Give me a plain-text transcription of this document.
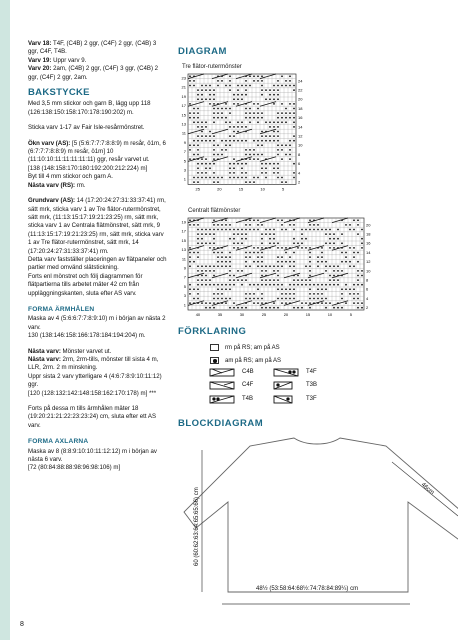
Varv 18: T4F, (C4B) 2 ggr, (C4F) 2 ggr, (C4B) 3 ggr, C4F, T4B.
Varv 19: Uppr varv 9.
Varv 20: 2am, (C4B) 2 ggr, (C4F) 3 ggr, (C4B) 2 ggr, (C4F) 2 ggr, 2am.

BAKSTYCKE

Med 3,5 mm stickor och garn B, lägg upp 118 (126:138:150:158:170:178:190:202) m.

Sticka varv 1-17 av Fair Isle-resårmönstret.

Ökn varv (AS): [5 (5:6:7:7:7:8:8:9) m resår, ö1m, 6 (6:7:7:7:8:8:9) m resår, ö1m] 10 (11:10:10:11:11:11:11:11) ggr, resår varvet ut.
[138 (148:158:170:180:192:200:212:224) m]
Byt till 4 mm stickor och garn A.
Nästa varv (RS): rm.

Grundvarv (AS): 14 (17:20:24:27:31:33:37:41) rm, sätt mrk, sticka varv 1 av Tre flätor-rutermönstret, sätt mrk, (11:13:15:17:19:21:23:25) rm, sätt mrk, sticka varv 1 av Centrala flätmönstret, sätt mrk, 9 (11:13:15:17:19:21:23:25) rm, sätt mrk, sticka varv 1 av Tre flätor-rutermönstret, sätt mrk, 14 (17:20:24:27:31:33:37:41) rm.
Detta varv fastställer placeringen av flätpaneler och partier med omvänd slätstickning.
Forts enl mönstret och följ diagrammen för flätpartierna tills arbetet mäter 42 cm från uppläggningskanten, sluta efter AS varv.

FORMA ÄRMHÅLEN

Maska av 4 (5:6:6:7:7:8:9:10) m i början av nästa 2 varv.
130 (138:146:158:166:178:184:194:204) m.

Nästa varv: Mönster varvet ut.
Nästa varv: 2rm, 2rm-tills, mönster till sista 4 m, LLR, 2rm. 2 m minskning.
Uppr sista 2 varv ytterligare 4 (4:6:7:8:9:10:11:12) ggr.
[120 (128:132:142:148:158:162:170:178) m] ***

Forts på dessa m tills ärmhålen mäter 18 (19:20:21:21:22:23:23:24) cm, sluta efter ett AS varv.

FORMA AXLARNA

Maska av 8 (8:8:9:10:10:11:12:12) m i början av nästa 6 varv.
[72 (80:84:88:88:98:96:98:106) m]

DIAGRAM
Tre flätor-rutermönster
23
21
19
17
15
13
11
9
7
5
3
1
24
22
20
18
16
14
12
10
8
6
4
2
25	20	15	10	5
Centralt flätmönster
19
17
15
13
11
9
7
5
3
1
20
18
16
14
12
10
8
6
4
2
40	35	30	25	20	15	10	5
FÖRKLARING
rm på RS; am på AS
am på RS; am på AS
C4B	T4F
C4F	T3B
T4B	T3F
BLOCKDIAGRAM
60 (60:62:63:64:65:65:66) cm	46cm
48½ (53:58:64:68½:74:78:84:89¼) cm
8
